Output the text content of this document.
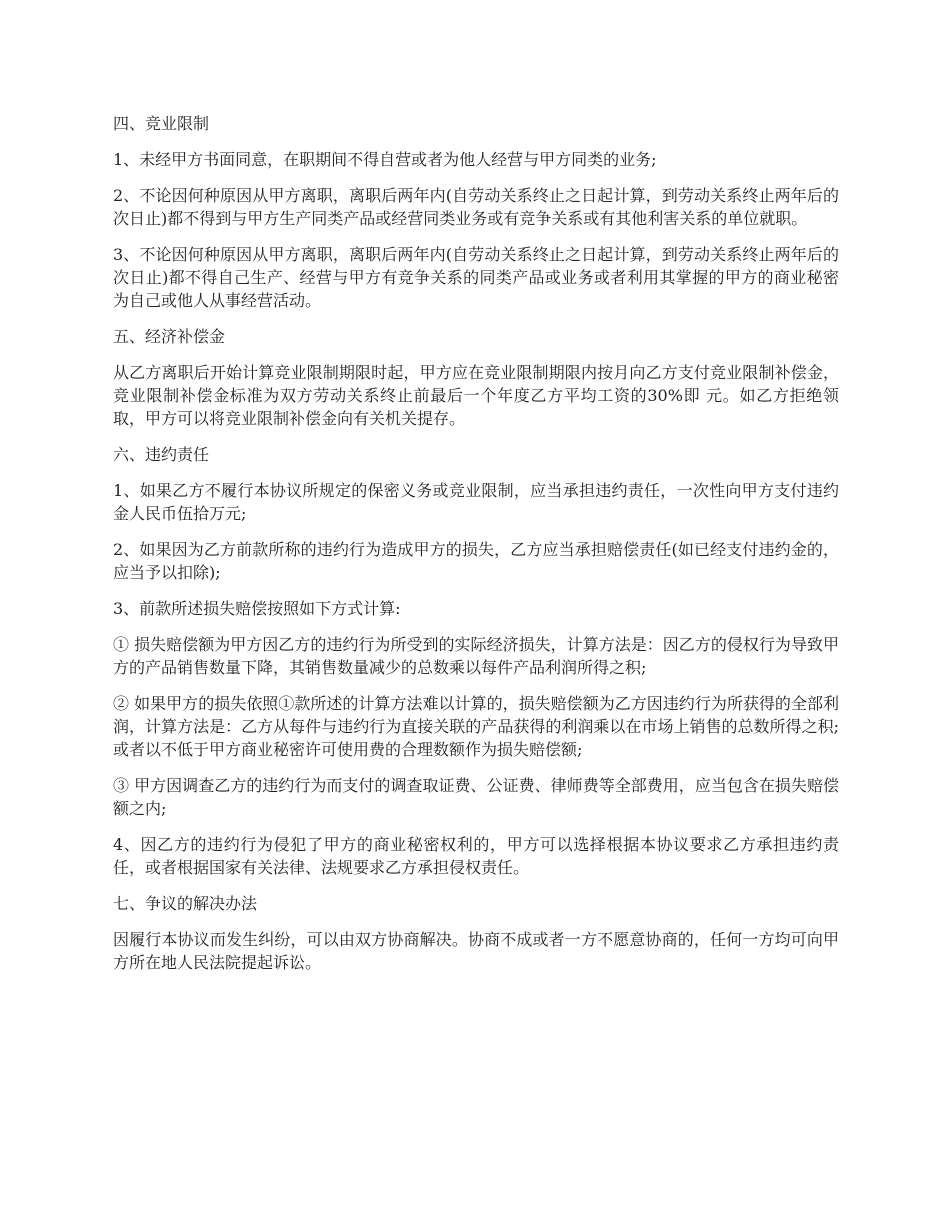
四、竞业限制

1、未经甲方书面同意，在职期间不得自营或者为他人经营与甲方同类的业务;

2、不论因何种原因从甲方离职，离职后两年内(自劳动关系终止之日起计算，到劳动关系终止两年后的次日止)都不得到与甲方生产同类产品或经营同类业务或有竞争关系或有其他利害关系的单位就职。

3、不论因何种原因从甲方离职，离职后两年内(自劳动关系终止之日起计算，到劳动关系终止两年后的次日止)都不得自己生产、经营与甲方有竞争关系的同类产品或业务或者利用其掌握的甲方的商业秘密为自己或他人从事经营活动。

五、经济补偿金

从乙方离职后开始计算竞业限制期限时起，甲方应在竞业限制期限内按月向乙方支付竞业限制补偿金，竞业限制补偿金标准为双方劳动关系终止前最后一个年度乙方平均工资的30%即 元。如乙方拒绝领取，甲方可以将竞业限制补偿金向有关机关提存。

六、违约责任

1、如果乙方不履行本协议所规定的保密义务或竞业限制，应当承担违约责任，一次性向甲方支付违约金人民币伍拾万元;

2、如果因为乙方前款所称的违约行为造成甲方的损失，乙方应当承担赔偿责任(如已经支付违约金的，应当予以扣除);

3、前款所述损失赔偿按照如下方式计算:

① 损失赔偿额为甲方因乙方的违约行为所受到的实际经济损失，计算方法是：因乙方的侵权行为导致甲方的产品销售数量下降，其销售数量减少的总数乘以每件产品利润所得之积;

② 如果甲方的损失依照①款所述的计算方法难以计算的，损失赔偿额为乙方因违约行为所获得的全部利润，计算方法是：乙方从每件与违约行为直接关联的产品获得的利润乘以在市场上销售的总数所得之积;或者以不低于甲方商业秘密许可使用费的合理数额作为损失赔偿额;

③ 甲方因调查乙方的违约行为而支付的调查取证费、公证费、律师费等全部费用，应当包含在损失赔偿额之内;

4、因乙方的违约行为侵犯了甲方的商业秘密权利的，甲方可以选择根据本协议要求乙方承担违约责任，或者根据国家有关法律、法规要求乙方承担侵权责任。

七、争议的解决办法

因履行本协议而发生纠纷，可以由双方协商解决。协商不成或者一方不愿意协商的，任何一方均可向甲方所在地人民法院提起诉讼。
